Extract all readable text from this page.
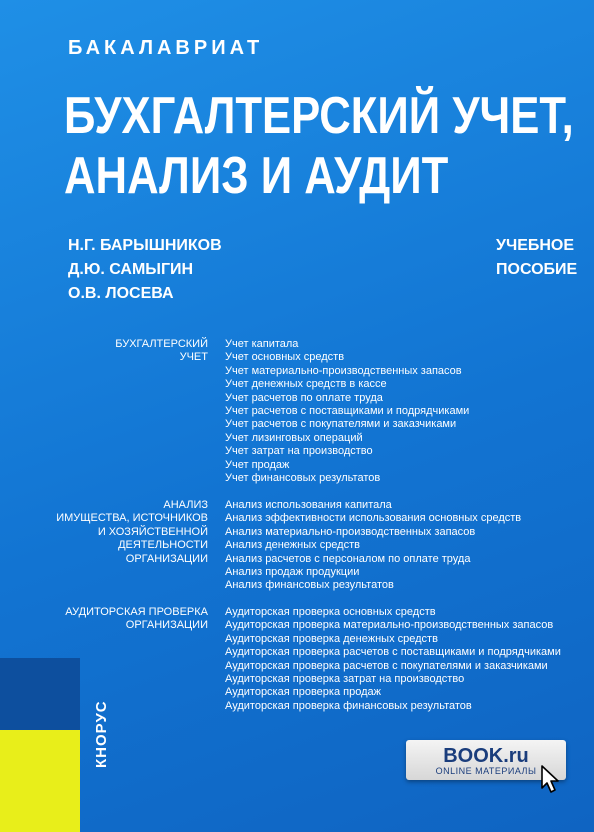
БАКАЛАВРИАТ
БУХГАЛТЕРСКИЙ УЧЕТ,
АНАЛИЗ И АУДИТ
Н.Г. БАРЫШНИКОВ
Д.Ю. САМЫГИН
О.В. ЛОСЕВА
УЧЕБНОЕ
ПОСОБИЕ
БУХГАЛТЕРСКИЙ
УЧЕТ
Учет капитала
Учет основных средств
Учет материально-производственных запасов
Учет денежных средств в кассе
Учет расчетов по оплате труда
Учет расчетов с поставщиками и подрядчиками
Учет расчетов с покупателями и заказчиками
Учет лизинговых операций
Учет затрат на производство
Учет продаж
Учет финансовых результатов
АНАЛИЗ
ИМУЩЕСТВА, ИСТОЧНИКОВ
И ХОЗЯЙСТВЕННОЙ
ДЕЯТЕЛЬНОСТИ
ОРГАНИЗАЦИИ
Анализ использования капитала
Анализ эффективности использования основных средств
Анализ материально-производственных запасов
Анализ денежных средств
Анализ расчетов с персоналом по оплате труда
Анализ продаж продукции
Анализ финансовых результатов
АУДИТОРСКАЯ ПРОВЕРКА
ОРГАНИЗАЦИИ
Аудиторская проверка основных средств
Аудиторская проверка материально-производственных запасов
Аудиторская проверка денежных средств
Аудиторская проверка расчетов с поставщиками и подрядчиками
Аудиторская проверка расчетов с покупателями и заказчиками
Аудиторская проверка затрат на производство
Аудиторская проверка продаж
Аудиторская проверка финансовых результатов
КНОРУС	BOOK.ru
ONLINE МАТЕРИАЛЫ
